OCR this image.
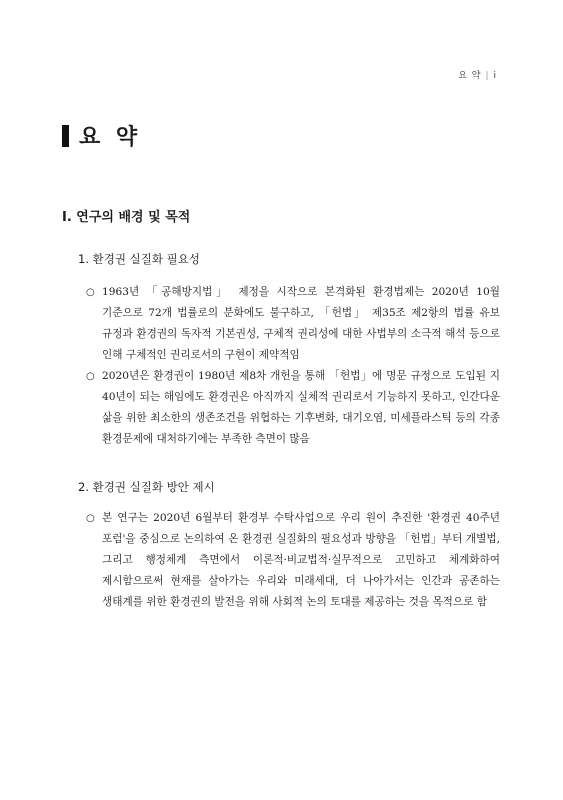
요 약 | i
요 약
Ⅰ. 연구의 배경 및 목적
1. 환경권 실질화 필요성
○ 1963년 「공해방지법」 제정을 시작으로 본격화된 환경법제는 2020년 10월 기준으로 72개 법률로의 분화에도 불구하고, 「헌법」 제35조 제2항의 법률 유보 규정과 환경권의 독자적 기본권성, 구체적 권리성에 대한 사법부의 소극적 해석 등으로 인해 구체적인 권리로서의 구현이 제약적임
○ 2020년은 환경권이 1980년 제8차 개헌을 통해 「헌법」에 명문 규정으로 도입된 지 40년이 되는 해임에도 환경권은 아직까지 실체적 권리로서 기능하지 못하고, 인간다운 삶을 위한 최소한의 생존조건을 위협하는 기후변화, 대기오염, 미세플라스틱 등의 각종 환경문제에 대처하기에는 부족한 측면이 많음
2. 환경권 실질화 방안 제시
○ 본 연구는 2020년 6월부터 환경부 수탁사업으로 우리 원이 추진한 '환경권 40주년 포럼'을 중심으로 논의하여 온 환경권 실질화의 필요성과 방향을 「헌법」부터 개별법, 그리고 행정체계 측면에서 이론적·비교법적·실무적으로 고민하고 체계화하여 제시함으로써 현재를 살아가는 우리와 미래세대, 더 나아가서는 인간과 공존하는 생태계를 위한 환경권의 발전을 위해 사회적 논의 토대를 제공하는 것을 목적으로 함
